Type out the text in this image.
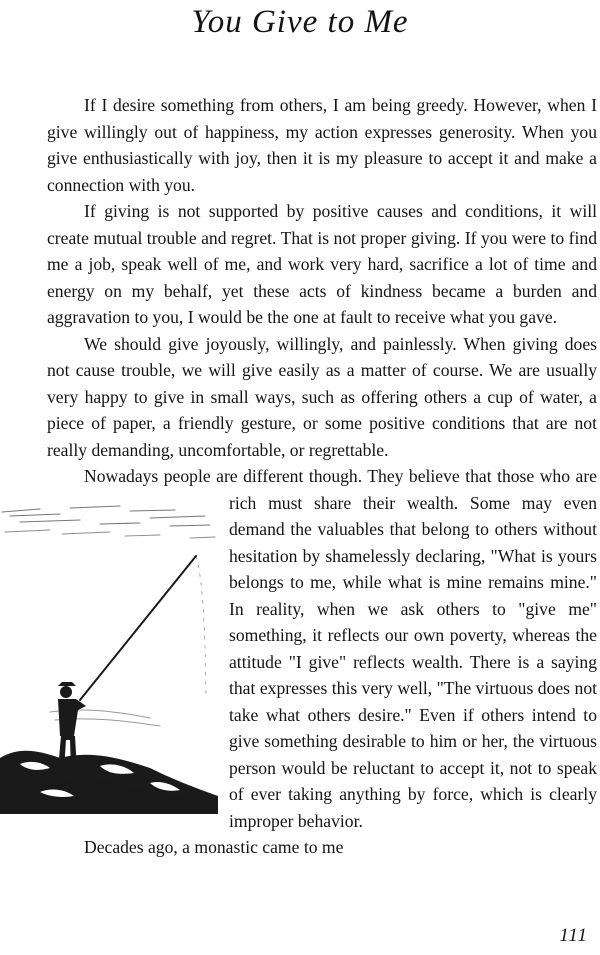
You Give to Me

If I desire something from others, I am being greedy. However, when I give willingly out of happiness, my action expresses generosity. When you give enthusiastically with joy, then it is my pleasure to accept it and make a connection with you.

If giving is not supported by positive causes and conditions, it will create mutual trouble and regret. That is not proper giving. If you were to find me a job, speak well of me, and work very hard, sacrifice a lot of time and energy on my behalf, yet these acts of kindness became a burden and aggravation to you, I would be the one at fault to receive what you gave.

We should give joyously, willingly, and painlessly. When giving does not cause trouble, we will give easily as a matter of course. We are usually very happy to give in small ways, such as offering others a cup of water, a piece of paper, a friendly gesture, or some positive conditions that are not really demanding, uncomfortable, or regrettable.

Nowadays people are different though. They believe that those who
are rich must share their wealth. Some may even demand the valuables that belong to others without hesitation by shamelessly declaring, "What is yours belongs to me, while what is mine remains mine." In reality, when we ask others to "give me" something, it reflects our own poverty, whereas the attitude "I give" reflects wealth. There is a saying that expresses this very well, "The virtuous does not take what others desire." Even if others intend to give something desirable to him or her, the virtuous person would be reluctant to accept it, not to speak of ever taking anything by force, which is clearly improper behavior.

Decades ago, a monastic came to me

111
